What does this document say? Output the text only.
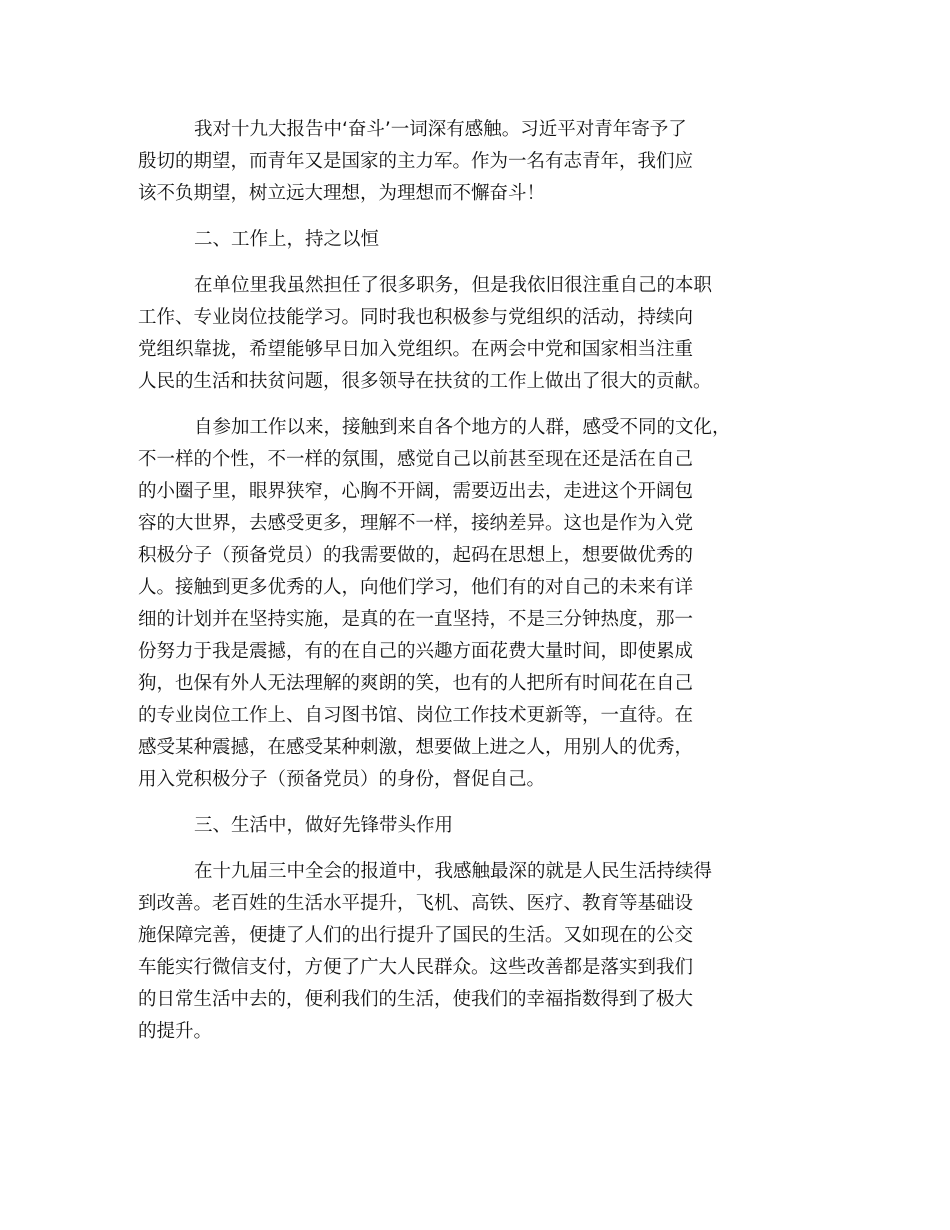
我对十九大报告中‘奋斗’一词深有感触。习近平对青年寄予了
殷切的期望，而青年又是国家的主力军。作为一名有志青年，我们应
该不负期望，树立远大理想，为理想而不懈奋斗！

二、工作上，持之以恒

在单位里我虽然担任了很多职务，但是我依旧很注重自己的本职
工作、专业岗位技能学习。同时我也积极参与党组织的活动，持续向
党组织靠拢，希望能够早日加入党组织。在两会中党和国家相当注重
人民的生活和扶贫问题，很多领导在扶贫的工作上做出了很大的贡献。

自参加工作以来，接触到来自各个地方的人群，感受不同的文化，
不一样的个性，不一样的氛围，感觉自己以前甚至现在还是活在自己
的小圈子里，眼界狭窄，心胸不开阔，需要迈出去，走进这个开阔包
容的大世界，去感受更多，理解不一样，接纳差异。这也是作为入党
积极分子（预备党员）的我需要做的，起码在思想上，想要做优秀的
人。接触到更多优秀的人，向他们学习，他们有的对自己的未来有详
细的计划并在坚持实施，是真的在一直坚持，不是三分钟热度，那一
份努力于我是震撼，有的在自己的兴趣方面花费大量时间，即使累成
狗，也保有外人无法理解的爽朗的笑，也有的人把所有时间花在自己
的专业岗位工作上、自习图书馆、岗位工作技术更新等，一直待。在
感受某种震撼，在感受某种刺激，想要做上进之人，用别人的优秀，
用入党积极分子（预备党员）的身份，督促自己。

三、生活中，做好先锋带头作用

在十九届三中全会的报道中，我感触最深的就是人民生活持续得
到改善。老百姓的生活水平提升，飞机、高铁、医疗、教育等基础设
施保障完善，便捷了人们的出行提升了国民的生活。又如现在的公交
车能实行微信支付，方便了广大人民群众。这些改善都是落实到我们
的日常生活中去的，便利我们的生活，使我们的幸福指数得到了极大
的提升。
